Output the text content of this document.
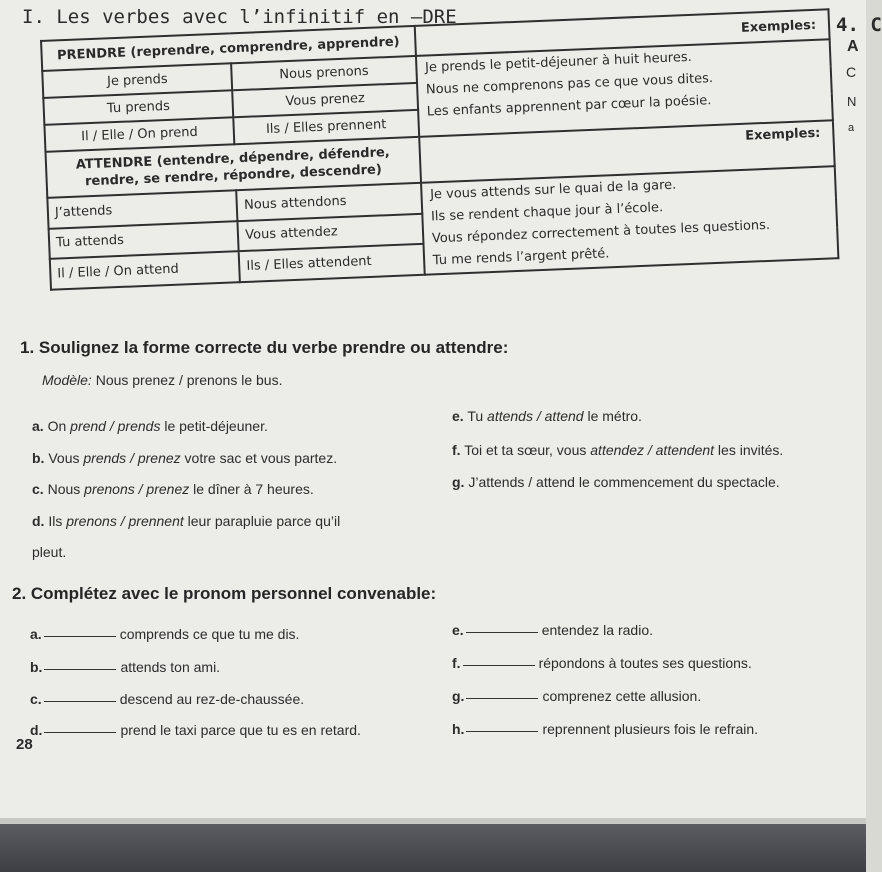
I. Les verbes avec l’infinitif en –DRE	4. C
A
C
N
a
PRENDRE (reprendre, comprendre, apprendre)		Exemples:
Je prends	Nous prenons	Je prends le petit-déjeuner à huit heures.
Nous ne comprenons pas ce que vous dites.
Les enfants apprennent par cœur la poésie.

Tu prends	Vous prenez	
Il / Elle / On prend	Ils / Elles prennent	
ATTENDRE (entendre, dépendre, défendre, rendre, se rendre, répondre, descendre)		Exemples:
J’attends	Nous attendons	Je vous attends sur le quai de la gare.
Ils se rendent chaque jour à l’école.
Vous répondez correctement à toutes les questions.
Tu me rends l’argent prêté.

Tu attends	Vous attendez	
Il / Elle / On attend	Ils / Elles attendent	
1. Soulignez la forme correcte du verbe prendre ou attendre:
Modèle: Nous prenez / prenons le bus.
a. On prend / prends le petit-déjeuner.
b. Vous prends / prenez votre sac et vous partez.
c. Nous prenons / prenez le dîner à 7 heures.
d. Ils prenons / prennent leur parapluie parce qu’il
pleut.
e. Tu attends / attend le métro.
f. Toi et ta sœur, vous attendez / attendent les invités.
g. J’attends / attend le commencement du spectacle.
2. Complétez avec le pronom personnel convenable:
a.	comprends ce que tu me dis.
b.	attends ton ami.
c.	descend au rez-de-chaussée.
d.	prend le taxi parce que tu es en retard.
e.	entendez la radio.
f.	répondons à toutes ses questions.
g.	comprenez cette allusion.
h.	reprennent plusieurs fois le refrain.
28
